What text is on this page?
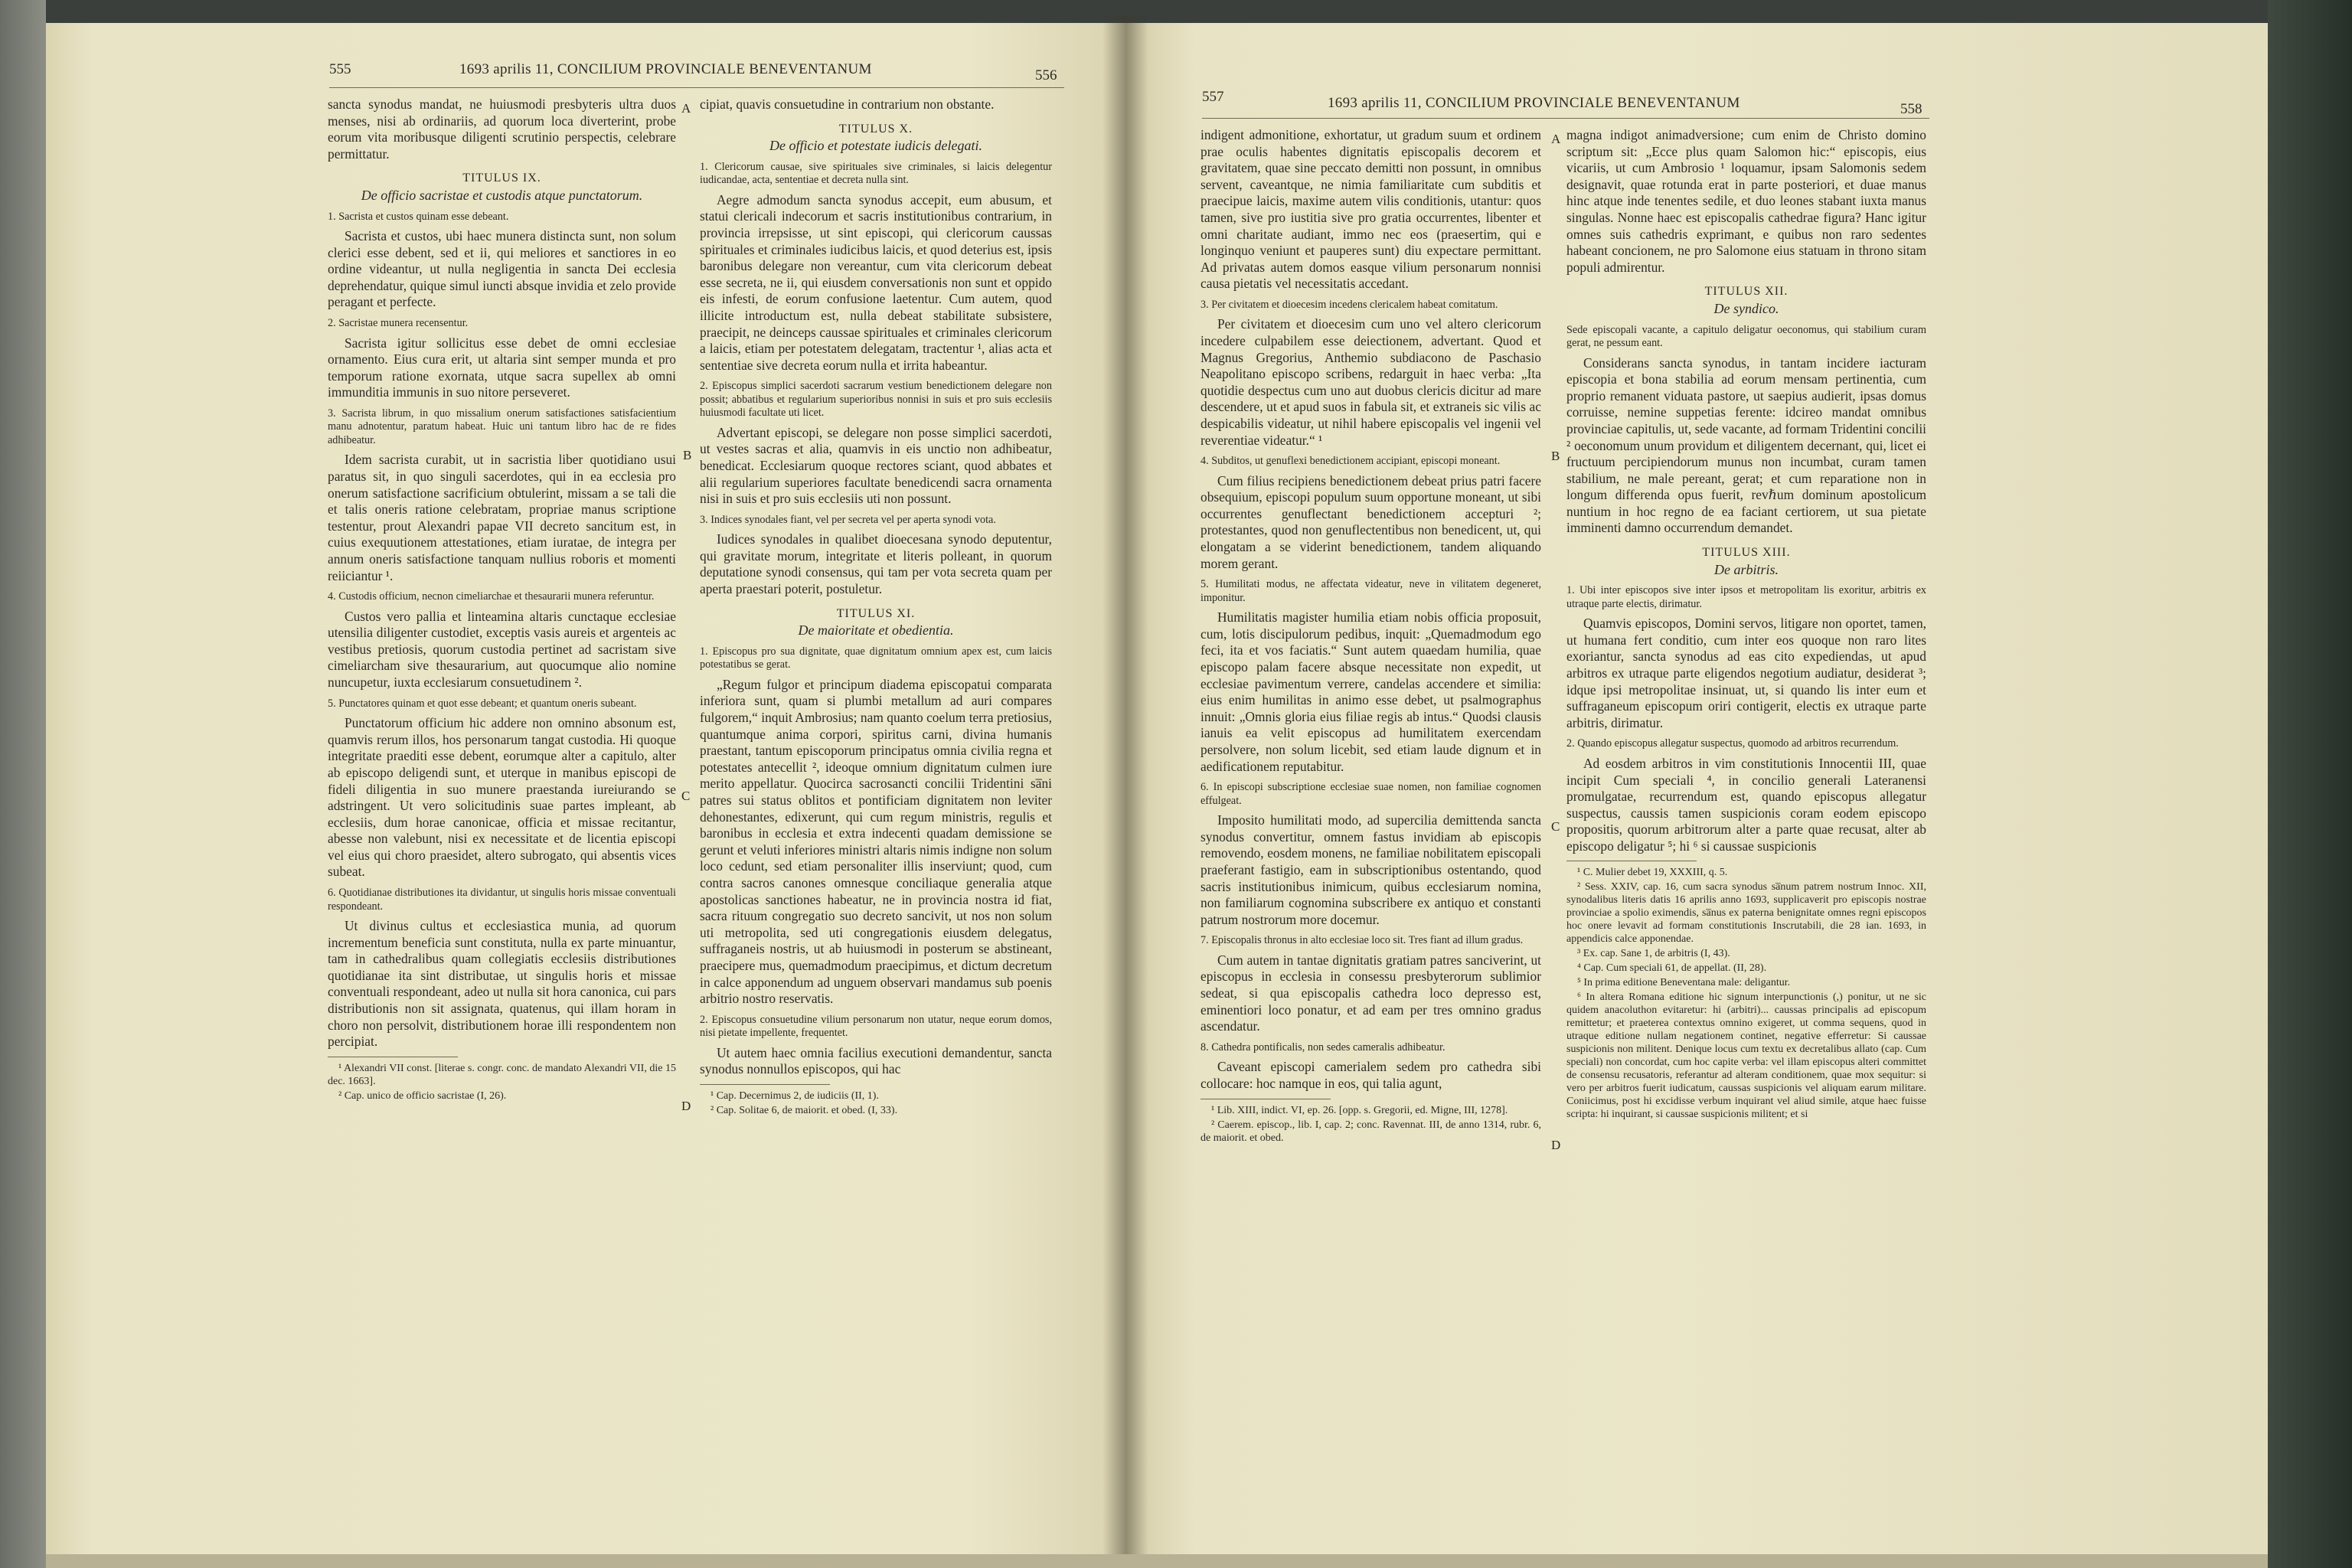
555	1693 aprilis 11, CONCILIUM PROVINCIALE BENEVENTANUM	556

sancta synodus mandat, ne huiusmodi presbyteris ultra duos menses, nisi ab ordinariis, ad quorum loca diverterint, probe eorum vita moribusque diligenti scrutinio perspectis, celebrare permittatur.

TITULUS IX.

De officio sacristae et custodis atque punctatorum.

1. Sacrista et custos quinam esse debeant.

Sacrista et custos, ubi haec munera distincta sunt, non solum clerici esse debent, sed et ii, qui meliores et sanctiores in eo ordine videantur, ut nulla negligentia in sancta Dei ecclesia deprehendatur, quique simul iuncti absque invidia et zelo provide peragant et perfecte.

2. Sacristae munera recensentur.

Sacrista igitur sollicitus esse debet de omni ecclesiae ornamento. Eius cura erit, ut altaria sint semper munda et pro temporum ratione exornata, utque sacra supellex ab omni immunditia immunis in suo nitore perseveret.

3. Sacrista librum, in quo missalium onerum satisfactiones satisfacientium manu adnotentur, paratum habeat. Huic uni tantum libro hac de re fides adhibeatur.

Idem sacrista curabit, ut in sacristia liber quotidiano usui paratus sit, in quo singuli sacerdotes, qui in ea ecclesia pro onerum satisfactione sacrificium obtulerint, missam a se tali die et talis oneris ratione celebratam, propriae manus scriptione testentur, prout Alexandri papae VII decreto sancitum est, in cuius exequutionem attestationes, etiam iuratae, de integra per annum oneris satisfactione tanquam nullius roboris et momenti reiiciantur ¹.

4. Custodis officium, necnon cimeliarchae et thesaurarii munera referuntur.

Custos vero pallia et linteamina altaris cunctaque ecclesiae utensilia diligenter custodiet, exceptis vasis aureis et argenteis ac vestibus pretiosis, quorum custodia pertinet ad sacristam sive cimeliarcham sive thesaurarium, aut quocumque alio nomine nuncupetur, iuxta ecclesiarum consuetudinem ².

5. Punctatores quinam et quot esse debeant; et quantum oneris subeant.

Punctatorum officium hic addere non omnino absonum est, quamvis rerum illos, hos personarum tangat custodia. Hi quoque integritate praediti esse debent, eorumque alter a capitulo, alter ab episcopo deligendi sunt, et uterque in manibus episcopi de fideli diligentia in suo munere praestanda iureiurando se adstringent. Ut vero solicitudinis suae partes impleant, ab ecclesiis, dum horae canonicae, officia et missae recitantur, abesse non valebunt, nisi ex necessitate et de licentia episcopi vel eius qui choro praesidet, altero subrogato, qui absentis vices subeat.

6. Quotidianae distributiones ita dividantur, ut singulis horis missae conventuali respondeant.

Ut divinus cultus et ecclesiastica munia, ad quorum incrementum beneficia sunt constituta, nulla ex parte minuantur, tam in cathedralibus quam collegiatis ecclesiis distributiones quotidianae ita sint distributae, ut singulis horis et missae conventuali respondeant, adeo ut nulla sit hora canonica, cui pars distributionis non sit assignata, quatenus, qui illam horam in choro non persolvit, distributionem horae illi respondentem non percipiat.

¹ Alexandri VII const. [literae s. congr. conc. de mandato Alexandri VII, die 15 dec. 1663].

² Cap. unico de officio sacristae (I, 26).

cipiat, quavis consuetudine in contrarium non obstante.

TITULUS X.

De officio et potestate iudicis delegati.

1. Clericorum causae, sive spirituales sive criminales, si laicis delegentur iudicandae, acta, sententiae et decreta nulla sint.

Aegre admodum sancta synodus accepit, eum abusum, et statui clericali indecorum et sacris institutionibus contrarium, in provincia irrepsisse, ut sint episcopi, qui clericorum caussas spirituales et criminales iudicibus laicis, et quod deterius est, ipsis baronibus delegare non vereantur, cum vita clericorum debeat esse secreta, ne ii, qui eiusdem conversationis non sunt et oppido eis infesti, de eorum confusione laetentur. Cum autem, quod illicite introductum est, nulla debeat stabilitate subsistere, praecipit, ne deinceps caussae spirituales et criminales clericorum a laicis, etiam per potestatem delegatam, tractentur ¹, alias acta et sententiae sive decreta eorum nulla et irrita habeantur.

2. Episcopus simplici sacerdoti sacrarum vestium benedictionem delegare non possit; abbatibus et regularium superioribus nonnisi in suis et pro suis ecclesiis huiusmodi facultate uti licet.

Advertant episcopi, se delegare non posse simplici sacerdoti, ut vestes sacras et alia, quamvis in eis unctio non adhibeatur, benedicat. Ecclesiarum quoque rectores sciant, quod abbates et alii regularium superiores facultate benedicendi sacra ornamenta nisi in suis et pro suis ecclesiis uti non possunt.

3. Indices synodales fiant, vel per secreta vel per aperta synodi vota.

Iudices synodales in qualibet dioecesana synodo deputentur, qui gravitate morum, integritate et literis polleant, in quorum deputatione synodi consensus, qui tam per vota secreta quam per aperta praestari poterit, postuletur.

TITULUS XI.

De maioritate et obedientia.

1. Episcopus pro sua dignitate, quae dignitatum omnium apex est, cum laicis potestatibus se gerat.

„Regum fulgor et principum diadema episcopatui comparata inferiora sunt, quam si plumbi metallum ad auri compares fulgorem,“ inquit Ambrosius; nam quanto coelum terra pretiosius, quantumque anima corpori, spiritus carni, divina humanis praestant, tantum episcoporum principatus omnia civilia regna et potestates antecellit ², ideoque omnium dignitatum culmen iure merito appellatur. Quocirca sacrosancti concilii Tridentini sa̅ni patres sui status oblitos et pontificiam dignitatem non leviter dehonestantes, edixerunt, qui cum regum ministris, regulis et baronibus in ecclesia et extra indecenti quadam demissione se gerunt et veluti inferiores ministri altaris nimis indigne non solum loco cedunt, sed etiam personaliter illis inserviunt; quod, cum contra sacros canones omnesque conciliaque generalia atque apostolicas sanctiones habeatur, ne in provincia nostra id fiat, sacra rituum congregatio suo decreto sancivit, ut nos non solum uti metropolita, sed uti congregationis eiusdem delegatus, suffraganeis nostris, ut ab huiusmodi in posterum se abstineant, praecipere mus, quemadmodum praecipimus, et dictum decretum in calce apponendum ad unguem observari mandamus sub poenis arbitrio nostro reservatis.

2. Episcopus consuetudine vilium personarum non utatur, neque eorum domos, nisi pietate impellente, frequentet.

Ut autem haec omnia facilius executioni demandentur, sancta synodus nonnullos episcopos, qui hac

¹ Cap. Decernimus 2, de iudiciis (II, 1).

² Cap. Solitae 6, de maiorit. et obed. (I, 33).

A
B
C
D
557	1693 aprilis 11, CONCILIUM PROVINCIALE BENEVENTANUM	558

indigent admonitione, exhortatur, ut gradum suum et ordinem prae oculis habentes dignitatis episcopalis decorem et gravitatem, quae sine peccato demitti non possunt, in omnibus servent, caveantque, ne nimia familiaritate cum subditis et praecipue laicis, maxime autem vilis conditionis, utantur: quos tamen, sive pro iustitia sive pro gratia occurrentes, libenter et omni charitate audiant, immo nec eos (praesertim, qui e longinquo veniunt et pauperes sunt) diu expectare permittant. Ad privatas autem domos easque vilium personarum nonnisi causa pietatis vel necessitatis accedant.

3. Per civitatem et dioecesim incedens clericalem habeat comitatum.

Per civitatem et dioecesim cum uno vel altero clericorum incedere culpabilem esse deiectionem, advertant. Quod et Magnus Gregorius, Anthemio subdiacono de Paschasio Neapolitano episcopo scribens, redarguit in haec verba: „Ita quotidie despectus cum uno aut duobus clericis dicitur ad mare descendere, ut et apud suos in fabula sit, et extraneis sic vilis ac despicabilis videatur, ut nihil habere episcopalis vel ingenii vel reverentiae videatur.“ ¹

4. Subditos, ut genuflexi benedictionem accipiant, episcopi moneant.

Cum filius recipiens benedictionem debeat prius patri facere obsequium, episcopi populum suum opportune moneant, ut sibi occurrentes genuflectant benedictionem accepturi ²; protestantes, quod non genuflectentibus non benedicent, ut, qui elongatam a se viderint benedictionem, tandem aliquando morem gerant.

5. Humilitati modus, ne affectata videatur, neve in vilitatem degeneret, imponitur.

Humilitatis magister humilia etiam nobis officia proposuit, cum, lotis discipulorum pedibus, inquit: „Quemadmodum ego feci, ita et vos faciatis.“ Sunt autem quaedam humilia, quae episcopo palam facere absque necessitate non expedit, ut ecclesiae pavimentum verrere, candelas accendere et similia: eius enim humilitas in animo esse debet, ut psalmographus innuit: „Omnis gloria eius filiae regis ab intus.“ Quodsi clausis ianuis ea velit episcopus ad humilitatem exercendam persolvere, non solum licebit, sed etiam laude dignum et in aedificationem reputabitur.

6. In episcopi subscriptione ecclesiae suae nomen, non familiae cognomen effulgeat.

Imposito humilitati modo, ad supercilia demittenda sancta synodus convertitur, omnem fastus invidiam ab episcopis removendo, eosdem monens, ne familiae nobilitatem episcopali praeferant fastigio, eam in subscriptionibus ostentando, quod sacris institutionibus inimicum, quibus ecclesiarum nomina, non familiarum cognomina subscribere ex antiquo et constanti patrum nostrorum more docemur.

7. Episcopalis thronus in alto ecclesiae loco sit. Tres fiant ad illum gradus.

Cum autem in tantae dignitatis gratiam patres sanciverint, ut episcopus in ecclesia in consessu presbyterorum sublimior sedeat, si qua episcopalis cathedra loco depresso est, eminentiori loco ponatur, et ad eam per tres omnino gradus ascendatur.

8. Cathedra pontificalis, non sedes cameralis adhibeatur.

Caveant episcopi camerialem sedem pro cathedra sibi collocare: hoc namque in eos, qui talia agunt,

¹ Lib. XIII, indict. VI, ep. 26. [opp. s. Gregorii, ed. Migne, III, 1278].

² Caerem. episcop., lib. I, cap. 2; conc. Ravennat. III, de anno 1314, rubr. 6, de maiorit. et obed.

magna indigot animadversione; cum enim de Christo domino scriptum sit: „Ecce plus quam Salomon hic:“ episcopis, eius vicariis, ut cum Ambrosio ¹ loquamur, ipsam Salomonis sedem designavit, quae rotunda erat in parte posteriori, et duae manus hinc atque inde tenentes sedile, et duo leones stabant iuxta manus singulas. Nonne haec est episcopalis cathedrae figura? Hanc igitur omnes suis cathedris exprimant, e quibus non raro sedentes habeant concionem, ne pro Salomone eius statuam in throno sitam populi admirentur.

TITULUS XII.

De syndico.

Sede episcopali vacante, a capitulo deligatur oeconomus, qui stabilium curam gerat, ne pessum eant.

Considerans sancta synodus, in tantam incidere iacturam episcopia et bona stabilia ad eorum mensam pertinentia, cum proprio remanent viduata pastore, ut saepius audierit, ipsas domus corruisse, nemine suppetias ferente: idcireo mandat omnibus provinciae capitulis, ut, sede vacante, ad formam Tridentini concilii ² oeconomum unum providum et diligentem decernant, qui, licet ei fructuum percipiendorum munus non incumbat, curam tamen stabilium, ne male pereant, gerat; et cum reparatione non in longum differenda opus fuerit, revℏum dominum apostolicum nuntium in hoc regno de ea faciant certiorem, ut sua pietate imminenti damno occurrendum demandet.

TITULUS XIII.

De arbitris.

1. Ubi inter episcopos sive inter ipsos et metropolitam lis exoritur, arbitris ex utraque parte electis, dirimatur.

Quamvis episcopos, Domini servos, litigare non oportet, tamen, ut humana fert conditio, cum inter eos quoque non raro lites exoriantur, sancta synodus ad eas cito expediendas, ut apud arbitros ex utraque parte eligendos negotium audiatur, desiderat ³; idque ipsi metropolitae insinuat, ut, si quando lis inter eum et suffraganeum episcopum oriri contigerit, electis ex utraque parte arbitris, dirimatur.

2. Quando episcopus allegatur suspectus, quomodo ad arbitros recurrendum.

Ad eosdem arbitros in vim constitutionis Innocentii III, quae incipit Cum speciali ⁴, in concilio generali Lateranensi promulgatae, recurrendum est, quando episcopus allegatur suspectus, caussis tamen suspicionis coram eodem episcopo propositis, quorum arbitrorum alter a parte quae recusat, alter ab episcopo deligatur ⁵; hi ⁶ si caussae suspicionis

¹ C. Mulier debet 19, XXXIII, q. 5.

² Sess. XXIV, cap. 16, cum sacra synodus sa̅num patrem nostrum Innoc. XII, synodalibus literis datis 16 aprilis anno 1693, supplicaverit pro episcopis nostrae provinciae a spolio eximendis, sa̅nus ex paterna benignitate omnes regni episcopos hoc onere levavit ad formam constitutionis Inscrutabili, die 28 ian. 1693, in appendicis calce apponendae.

³ Ex. cap. Sane 1, de arbitris (I, 43).

⁴ Cap. Cum speciali 61, de appellat. (II, 28).

⁵ In prima editione Beneventana male: deligantur.

⁶ In altera Romana editione hic signum interpunctionis (,) ponitur, ut ne sic quidem anacoluthon evitaretur: hi (arbitri)... caussas principalis ad episcopum remittetur; et praeterea contextus omnino exigeret, ut comma sequens, quod in utraque editione nullam negationem continet, negative efferretur: Si caussae suspicionis non militent. Denique locus cum textu ex decretalibus allato (cap. Cum speciali) non concordat, cum hoc capite verba: vel illam episcopus alteri committet de consensu recusatoris, referantur ad alteram conditionem, quae mox sequitur: si vero per arbitros fuerit iudicatum, caussas suspicionis vel aliquam earum militare. Coniicimus, post hi excidisse verbum inquirant vel aliud simile, atque haec fuisse scripta: hi inquirant, si caussae suspicionis militent; et si

A
B
C
D
